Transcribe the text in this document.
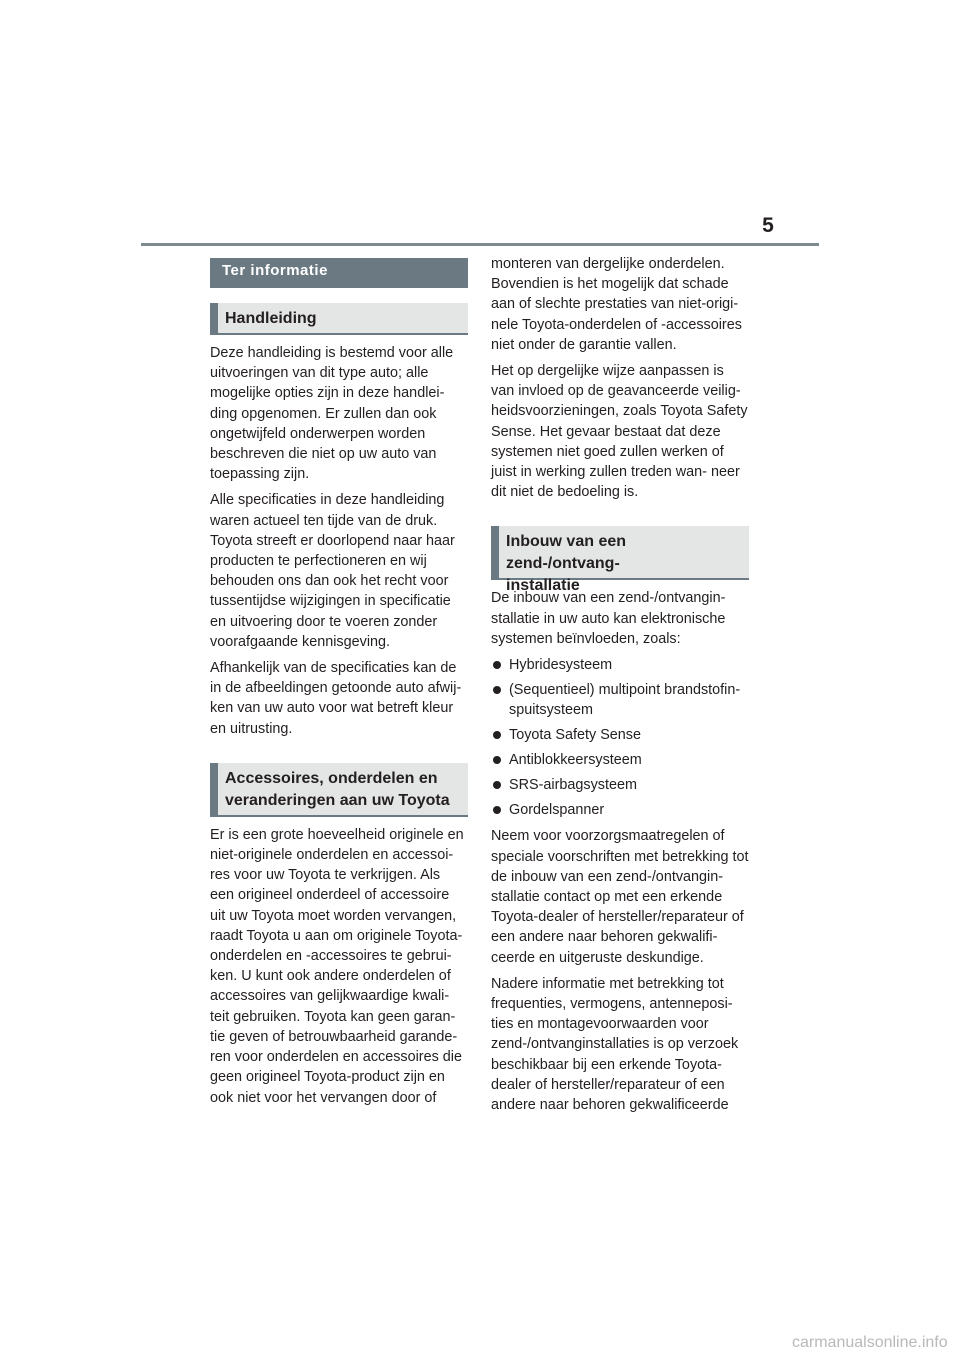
5
Ter informatie
Handleiding

Deze handleiding is bestemd voor alle uitvoeringen van dit type auto; alle mogelijke opties zijn in deze handlei- ding opgenomen. Er zullen dan ook ongetwijfeld onderwerpen worden beschreven die niet op uw auto van toepassing zijn.

Alle specificaties in deze handleiding waren actueel ten tijde van de druk. Toyota streeft er doorlopend naar haar producten te perfectioneren en wij behouden ons dan ook het recht voor tussentijdse wijzigingen in specificatie en uitvoering door te voeren zonder voorafgaande kennisgeving.

Afhankelijk van de specificaties kan de in de afbeeldingen getoonde auto afwij- ken van uw auto voor wat betreft kleur en uitrusting.

Accessoires, onderdelen en
veranderingen aan uw Toyota

Er is een grote hoeveelheid originele en niet-originele onderdelen en accessoi- res voor uw Toyota te verkrijgen. Als een origineel onderdeel of accessoire uit uw Toyota moet worden vervangen, raadt Toyota u aan om originele Toyota- onderdelen en -accessoires te gebrui- ken. U kunt ook andere onderdelen of accessoires van gelijkwaardige kwali- teit gebruiken. Toyota kan geen garan- tie geven of betrouwbaarheid garande- ren voor onderdelen en accessoires die geen origineel Toyota-product zijn en ook niet voor het vervangen door of

monteren van dergelijke onderdelen. Bovendien is het mogelijk dat schade aan of slechte prestaties van niet-origi- nele Toyota-onderdelen of -accessoires niet onder de garantie vallen.

Het op dergelijke wijze aanpassen is van invloed op de geavanceerde veilig- heidsvoorzieningen, zoals Toyota Safety Sense. Het gevaar bestaat dat deze systemen niet goed zullen werken of juist in werking zullen treden wan- neer dit niet de bedoeling is.

Inbouw van een zend-/ontvang-
installatie

De inbouw van een zend-/ontvangin- stallatie in uw auto kan elektronische systemen beïnvloeden, zoals:

Hybridesysteem
(Sequentieel) multipoint brandstofin- spuitsysteem
Toyota Safety Sense
Antiblokkeersysteem
SRS-airbagsysteem
Gordelspanner

Neem voor voorzorgsmaatregelen of speciale voorschriften met betrekking tot de inbouw van een zend-/ontvangin- stallatie contact op met een erkende Toyota-dealer of hersteller/reparateur of een andere naar behoren gekwalifi- ceerde en uitgeruste deskundige.

Nadere informatie met betrekking tot frequenties, vermogens, antenneposi- ties en montagevoorwaarden voor zend-/ontvanginstallaties is op verzoek beschikbaar bij een erkende Toyota- dealer of hersteller/reparateur of een andere naar behoren gekwalificeerde

carmanualsonline.info
